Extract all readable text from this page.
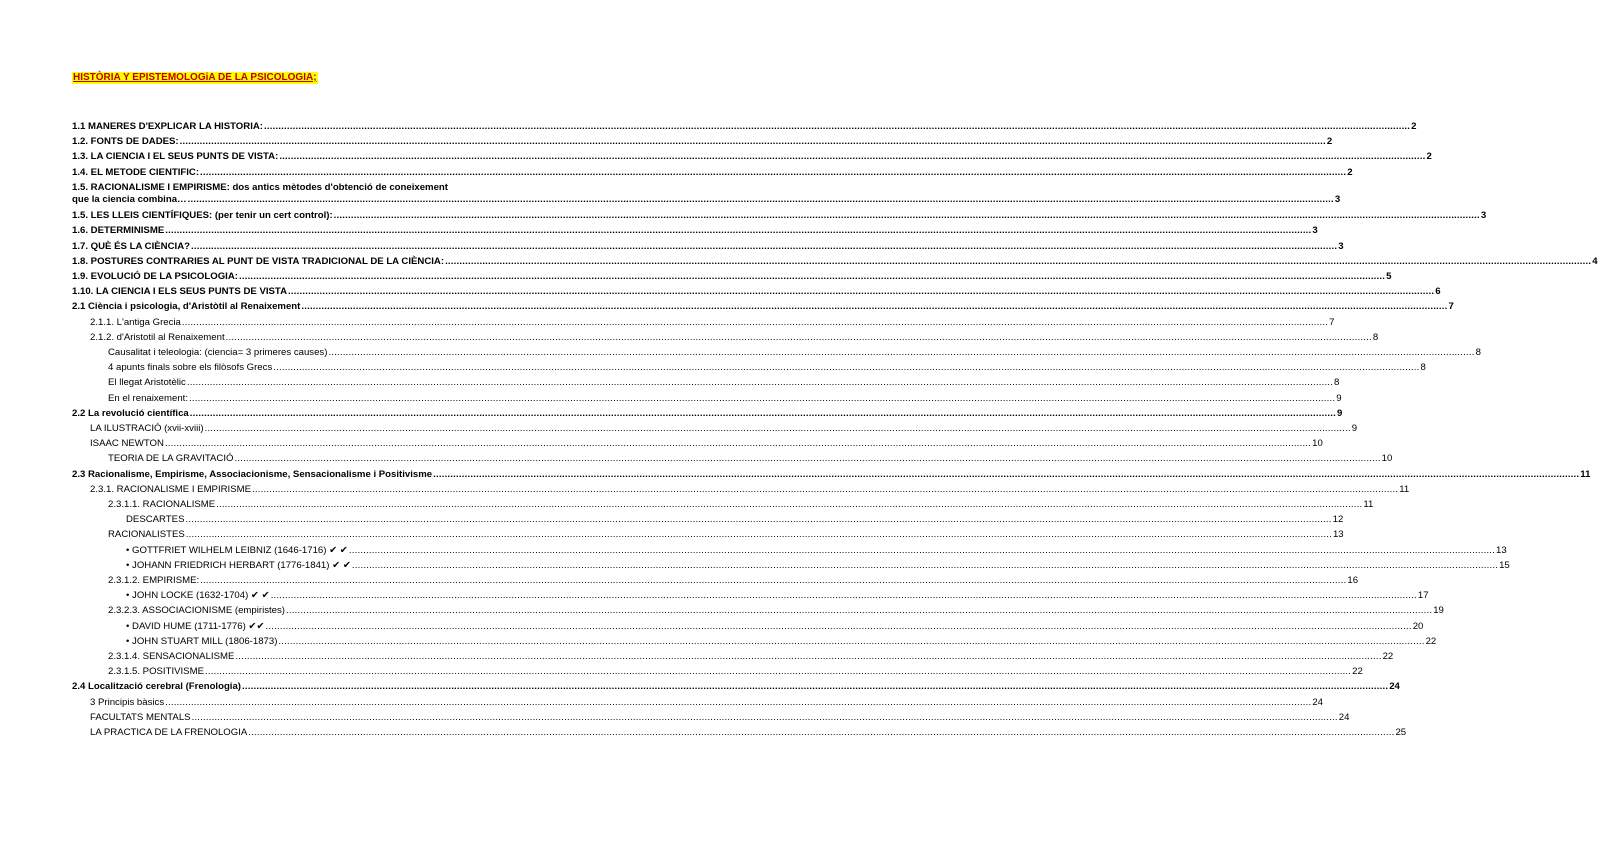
HISTÒRIA Y EPISTEMOLOGiA DE LA PSICOLOGIA;
1.1 MANERES D'EXPLICAR LA HISTORIA: ................................................................................................................................................................................................................................................................................................................................................................................................................ 2
1.2. FONTS DE DADES: ................................................................................................................................................................................................................................................................................................................................................................................................................ 2
1.3. LA CIENCIA I EL SEUS PUNTS DE VISTA: ................................................................................................................................................................................................................................................................................................................................................................................................................ 2
1.4. EL METODE CIENTIFIC: ................................................................................................................................................................................................................................................................................................................................................................................................................ 2
1.5. RACIONALISME I EMPIRISME: dos antics mètodes d'obtenció de coneixement
que la ciencia combina… ................................................................................................................................................................................................................................................................................................................................................................................................................ 3
1.5. LES LLEIS CIENTÍFIQUES: (per tenir un cert control): ................................................................................................................................................................................................................................................................................................................................................................................................................ 3
1.6. DETERMINISME ................................................................................................................................................................................................................................................................................................................................................................................................................ 3
1.7. QUÈ ÉS LA CIÈNCIA? ................................................................................................................................................................................................................................................................................................................................................................................................................ 3
1.8. POSTURES CONTRARIES AL PUNT DE VISTA TRADICIONAL DE LA CIÈNCIA: ................................................................................................................................................................................................................................................................................................................................................................................................................ 4
1.9. EVOLUCIÓ DE LA PSICOLOGIA: ................................................................................................................................................................................................................................................................................................................................................................................................................ 5
1.10. LA CIENCIA I ELS SEUS PUNTS DE VISTA ................................................................................................................................................................................................................................................................................................................................................................................................................ 6
2.1 Ciència i psicologia, d'Aristòtil al Renaixement ................................................................................................................................................................................................................................................................................................................................................................................................................ 7
2.1.1. L'antiga Grecia ................................................................................................................................................................................................................................................................................................................................................................................................................ 7
2.1.2. d'Aristotil al Renaixement ................................................................................................................................................................................................................................................................................................................................................................................................................ 8
Causalitat i teleologia: (ciencia= 3 primeres causes) ................................................................................................................................................................................................................................................................................................................................................................................................................ 8
4 apunts finals sobre els filòsofs Grecs ................................................................................................................................................................................................................................................................................................................................................................................................................ 8
El llegat Aristotèlic ................................................................................................................................................................................................................................................................................................................................................................................................................ 8
En el renaixement: ................................................................................................................................................................................................................................................................................................................................................................................................................ 9
2.2 La revolució científica ................................................................................................................................................................................................................................................................................................................................................................................................................ 9
LA ILUSTRACIÓ (xvii-xviii) ................................................................................................................................................................................................................................................................................................................................................................................................................ 9
ISAAC NEWTON ................................................................................................................................................................................................................................................................................................................................................................................................................ 10
TEORIA DE LA GRAVITACIÓ ................................................................................................................................................................................................................................................................................................................................................................................................................ 10
2.3 Racionalisme, Empirisme, Associacionisme, Sensacionalisme i Positivisme ................................................................................................................................................................................................................................................................................................................................................................................................................ 11
2.3.1. RACIONALISME I EMPIRISME ................................................................................................................................................................................................................................................................................................................................................................................................................ 11
2.3.1.1. RACIONALISME ................................................................................................................................................................................................................................................................................................................................................................................................................ 11
DESCARTES ................................................................................................................................................................................................................................................................................................................................................................................................................ 12
RACIONALISTES ................................................................................................................................................................................................................................................................................................................................................................................................................ 13
• GOTTFRIET WILHELM LEIBNIZ (1646-1716) ✔ ✔ ................................................................................................................................................................................................................................................................................................................................................................................................................ 13
• JOHANN FRIEDRICH HERBART (1776-1841) ✔ ✔ ................................................................................................................................................................................................................................................................................................................................................................................................................ 15
2.3.1.2. EMPIRISME: ................................................................................................................................................................................................................................................................................................................................................................................................................ 16
• JOHN LOCKE (1632-1704) ✔ ✔ ................................................................................................................................................................................................................................................................................................................................................................................................................ 17
2.3.2.3. ASSOCIACIONISME (empiristes) ................................................................................................................................................................................................................................................................................................................................................................................................................ 19
• DAVID HUME (1711-1776) ✔✔ ................................................................................................................................................................................................................................................................................................................................................................................................................ 20
• JOHN STUART MILL (1806-1873) ................................................................................................................................................................................................................................................................................................................................................................................................................ 22
2.3.1.4. SENSACIONALISME ................................................................................................................................................................................................................................................................................................................................................................................................................ 22
2.3.1.5. POSITIVISME ................................................................................................................................................................................................................................................................................................................................................................................................................ 22
2.4 Localització cerebral (Frenologia) ................................................................................................................................................................................................................................................................................................................................................................................................................ 24
3 Principis bàsics ................................................................................................................................................................................................................................................................................................................................................................................................................ 24
FACULTATS MENTALS ................................................................................................................................................................................................................................................................................................................................................................................................................ 24
LA PRACTICA DE LA FRENOLOGIA ................................................................................................................................................................................................................................................................................................................................................................................................................ 25
